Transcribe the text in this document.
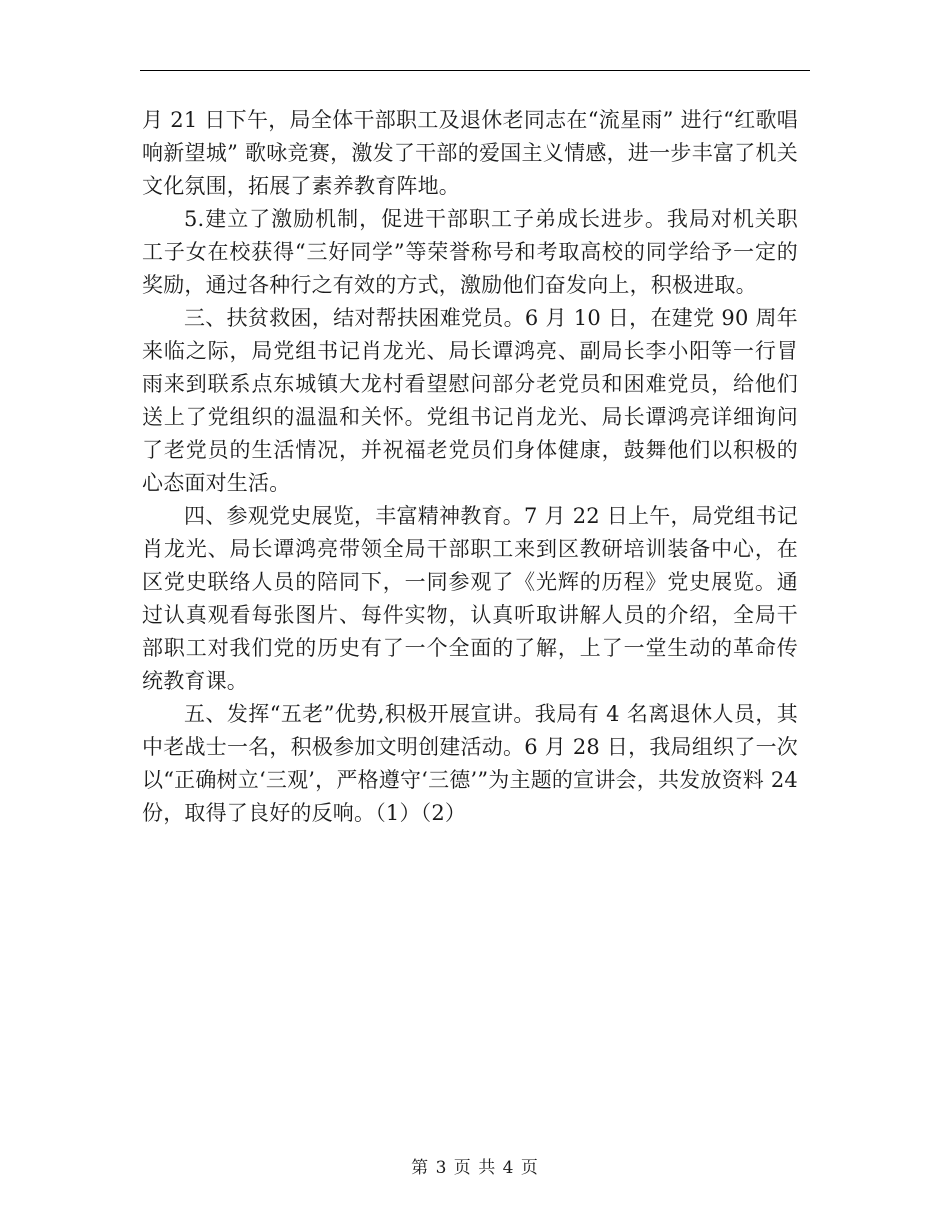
月 21 日下午，局全体干部职工及退休老同志在“流星雨” 进行“红歌唱响新望城” 歌咏竞赛，激发了干部的爱国主义情感，进一步丰富了机关文化氛围，拓展了素养教育阵地。

5.建立了激励机制，促进干部职工子弟成长进步。我局对机关职工子女在校获得“三好同学”等荣誉称号和考取高校的同学给予一定的奖励，通过各种行之有效的方式，激励他们奋发向上，积极进取。

三、扶贫救困，结对帮扶困难党员。6 月 10 日，在建党 90 周年来临之际，局党组书记肖龙光、局长谭鸿亮、副局长李小阳等一行冒雨来到联系点东城镇大龙村看望慰问部分老党员和困难党员，给他们送上了党组织的温温和关怀。党组书记肖龙光、局长谭鸿亮详细询问了老党员的生活情况，并祝福老党员们身体健康，鼓舞他们以积极的心态面对生活。

四、参观党史展览，丰富精神教育。7 月 22 日上午，局党组书记肖龙光、局长谭鸿亮带领全局干部职工来到区教研培训装备中心，在区党史联络人员的陪同下，一同参观了《光辉的历程》党史展览。通过认真观看每张图片、每件实物，认真听取讲解人员的介绍，全局干部职工对我们党的历史有了一个全面的了解，上了一堂生动的革命传统教育课。

五、发挥“五老”优势,积极开展宣讲。我局有 4 名离退休人员，其中老战士一名，积极参加文明创建活动。6 月 28 日，我局组织了一次以“正确树立‘三观’，严格遵守‘三德’”为主题的宣讲会，共发放资料 24 份，取得了良好的反响。（1）（2）

第 3 页 共 4 页
